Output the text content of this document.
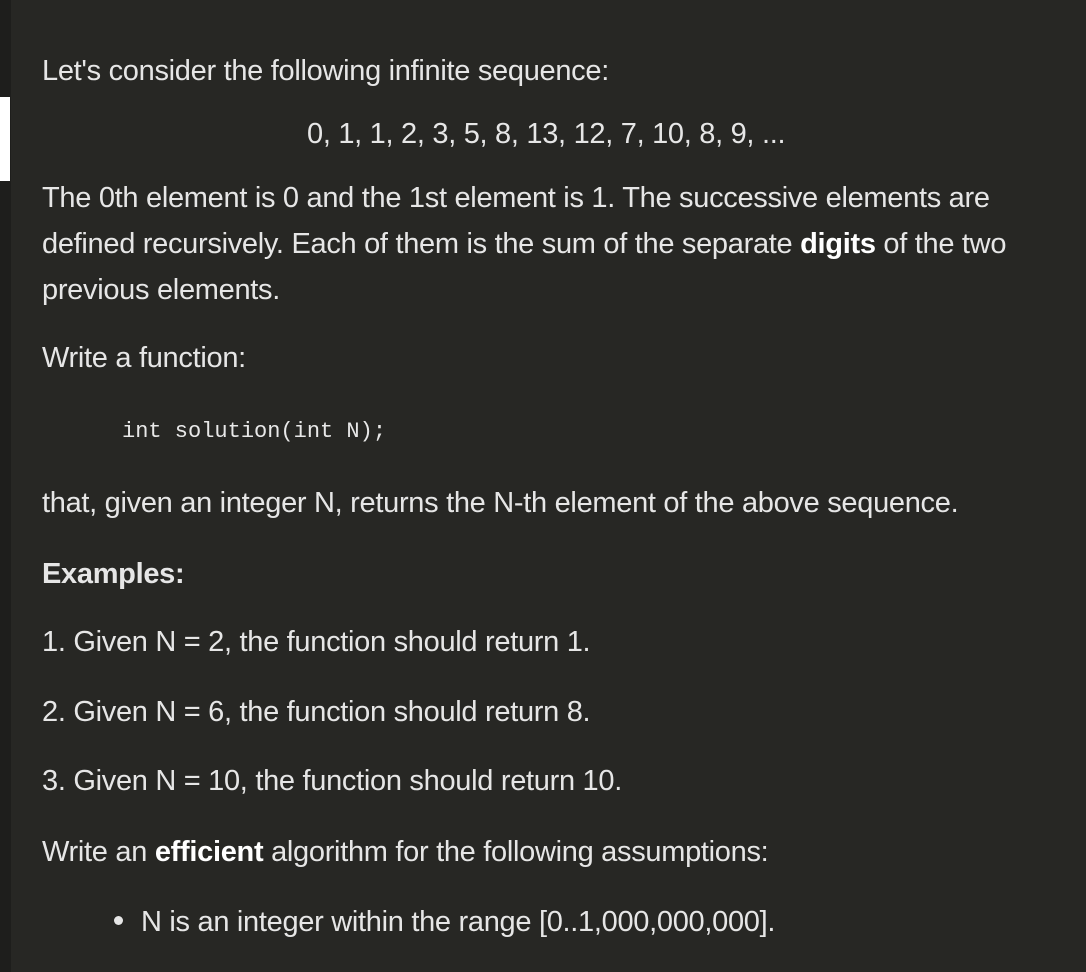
Let's consider the following infinite sequence:
0, 1, 1, 2, 3, 5, 8, 13, 12, 7, 10, 8, 9, ...
The 0th element is 0 and the 1st element is 1. The successive elements are defined recursively. Each of them is the sum of the separate digits of the two previous elements.
Write a function:
int solution(int N);
that, given an integer N, returns the N-th element of the above sequence.
Examples:
1. Given N = 2, the function should return 1.
2. Given N = 6, the function should return 8.
3. Given N = 10, the function should return 10.
Write an efficient algorithm for the following assumptions:
N is an integer within the range [0..1,000,000,000].
